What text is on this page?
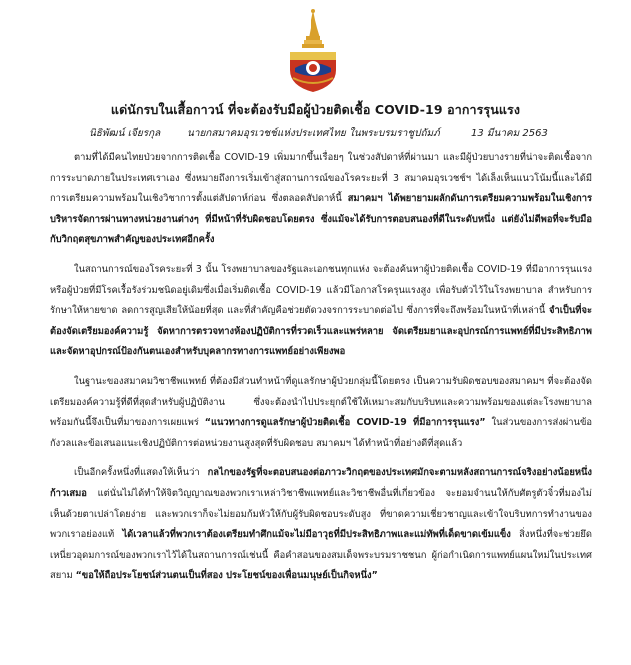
แด่นักรบในเสื้อกาวน์ ที่จะต้องรับมือผู้ป่วยติดเชื้อ COVID-19 อาการรุนแรง
นิธิพัฒน์ เจียรกุล	นายกสมาคมอุรเวชช์แห่งประเทศไทย ในพระบรมราชูปถัมภ์	13 มีนาคม 2563

ตามที่ได้มีคนไทยป่วยจากการติดเชื้อ COVID-19 เพิ่มมากขึ้นเรื่อยๆ ในช่วงสัปดาห์ที่ผ่านมา และมีผู้ป่วยบางรายที่น่าจะติดเชื้อจากการระบาดภายในประเทศเราเอง ซึ่งหมายถึงการเริ่มเข้าสู่สถานการณ์ของโรคระยะที่ 3 สมาคมอุรเวชช์ฯ ได้เล็งเห็นแนวโน้มนี้และได้มีการเตรียมความพร้อมในเชิงวิชาการตั้งแต่สัปดาห์ก่อน ซึ่งตลอดสัปดาห์นี้ สมาคมฯ ได้พยายามผลักดันการเตรียมความพร้อมในเชิงการบริหารจัดการผ่านทางหน่วยงานต่างๆ ที่มีหน้าที่รับผิดชอบโดยตรง ซึ่งแม้จะได้รับการตอบสนองที่ดีในระดับหนึ่ง แต่ยังไม่ดีพอที่จะรับมือกับวิกฤตสุขภาพสำคัญของประเทศอีกครั้ง

ในสถานการณ์ของโรคระยะที่ 3 นั้น โรงพยาบาลของรัฐและเอกชนทุกแห่ง จะต้องค้นหาผู้ป่วยติดเชื้อ COVID-19 ที่มีอาการรุนแรง หรือผู้ป่วยที่มีโรคเรื้อรังร่วมชนิดอยู่เดิมซึ่งเมื่อเริ่มติดเชื้อ COVID-19 แล้วมีโอกาสโรครุนแรงสูง เพื่อรับตัวไว้ในโรงพยาบาล สำหรับการรักษาให้หายขาด ลดการสูญเสียให้น้อยที่สุด และที่สำคัญคือช่วยตัดวงจรการระบาดต่อไป ซึ่งการที่จะถึงพร้อมในหน้าที่เหล่านี้ จำเป็นที่จะต้องจัดเตรียมองค์ความรู้ จัดหาการตรวจทางห้องปฏิบัติการที่รวดเร็วและแพร่หลาย จัดเตรียมยาและอุปกรณ์การแพทย์ที่มีประสิทธิภาพ และจัดหาอุปกรณ์ป้องกันตนเองสำหรับบุคลากรทางการแพทย์อย่างเพียงพอ

ในฐานะของสมาคมวิชาชีพแพทย์ ที่ต้องมีส่วนทำหน้าที่ดูแลรักษาผู้ป่วยกลุ่มนี้โดยตรง เป็นความรับผิดชอบของสมาคมฯ ที่จะต้องจัดเตรียมองค์ความรู้ที่ดีที่สุดสำหรับผู้ปฏิบัติงาน ซึ่งจะต้องนำไปประยุกต์ใช้ให้เหมาะสมกับบริบทและความพร้อมของแต่ละโรงพยาบาล พร้อมกันนี้จึงเป็นที่มาของการเผยแพร่ “แนวทางการดูแลรักษาผู้ป่วยติดเชื้อ COVID-19 ที่มีอาการรุนแรง” ในส่วนของการส่งผ่านข้อกังวลและข้อเสนอแนะเชิงปฏิบัติการต่อหน่วยงานสูงสุดที่รับผิดชอบ สมาคมฯ ได้ทำหน้าที่อย่างดีที่สุดแล้ว

เป็นอีกครั้งหนึ่งที่แสดงให้เห็นว่า กลไกของรัฐที่จะตอบสนองต่อภาวะวิกฤตของประเทศมักจะตามหลังสถานการณ์จริงอย่างน้อยหนึ่งก้าวเสมอ แต่นั่นไม่ได้ทำให้จิตวิญญาณของพวกเราเหล่าวิชาชีพแพทย์และวิชาชีพอื่นที่เกี่ยวข้อง จะยอมจำนนให้กับศัตรูตัวจิ๋วที่มองไม่เห็นด้วยตาเปล่าโดยง่าย และพวกเราก็จะไม่ยอมก้มหัวให้กับผู้รับผิดชอบระดับสูง ที่ขาดความเชี่ยวชาญและเข้าใจบริบทการทำงานของพวกเราอย่องแท้ ได้เวลาแล้วที่พวกเราต้องเตรียมทำศึกแม้จะไม่มีอาวุธที่มีประสิทธิภาพและแม่ทัพที่เด็ดขาดเข้มแข็ง สิ่งหนึ่งที่จะช่วยยึดเหนี่ยวอุดมการณ์ของพวกเราไว้ได้ในสถานการณ์เช่นนี้ คือคำสอนของสมเด็จพระบรมราชชนก ผู้ก่อกำเนิดการแพทย์แผนใหม่ในประเทศสยาม “ขอให้ถือประโยชน์ส่วนตนเป็นที่สอง ประโยชน์ของเพื่อนมนุษย์เป็นกิจหนึ่ง”
